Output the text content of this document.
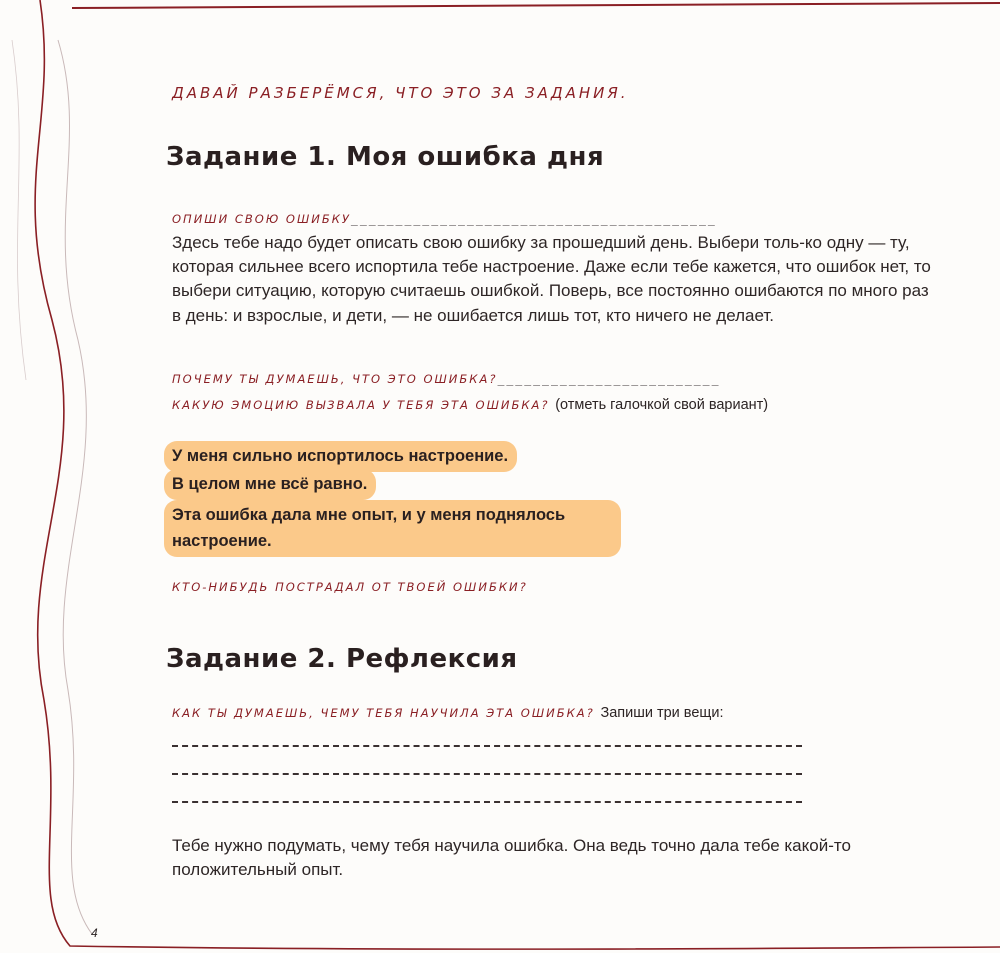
ДАВАЙ РАЗБЕРЁМСЯ, ЧТО ЭТО ЗА ЗАДАНИЯ.
Задание 1. Моя ошибка дня
ОПИШИ СВОЮ ОШИБКУ_________________________________________

Здесь тебе надо будет описать свою ошибку за прошедший день. Выбери толь-ко одну — ту, которая сильнее всего испортила тебе настроение. Даже если тебе кажется, что ошибок нет, то выбери ситуацию, которую считаешь ошибкой. Поверь, все постоянно ошибаются по много раз в день: и взрослые, и дети, — не ошибается лишь тот, кто ничего не делает.

ПОЧЕМУ ТЫ ДУМАЕШЬ, ЧТО ЭТО ОШИБКА?_________________________
КАКУЮ ЭМОЦИЮ ВЫЗВАЛА У ТЕБЯ ЭТА ОШИБКА? (отметь галочкой свой вариант)
У меня сильно испортилось настроение.
В целом мне всё равно.
Эта ошибка дала мне опыт, и у меня поднялось настроение.
КТО-НИБУДЬ ПОСТРАДАЛ ОТ ТВОЕЙ ОШИБКИ?
Задание 2. Рефлексия
КАК ТЫ ДУМАЕШЬ, ЧЕМУ ТЕБЯ НАУЧИЛА ЭТА ОШИБКА? Запиши три вещи:

Тебе нужно подумать, чему тебя научила ошибка. Она ведь точно дала тебе какой-то положительный опыт.

4
